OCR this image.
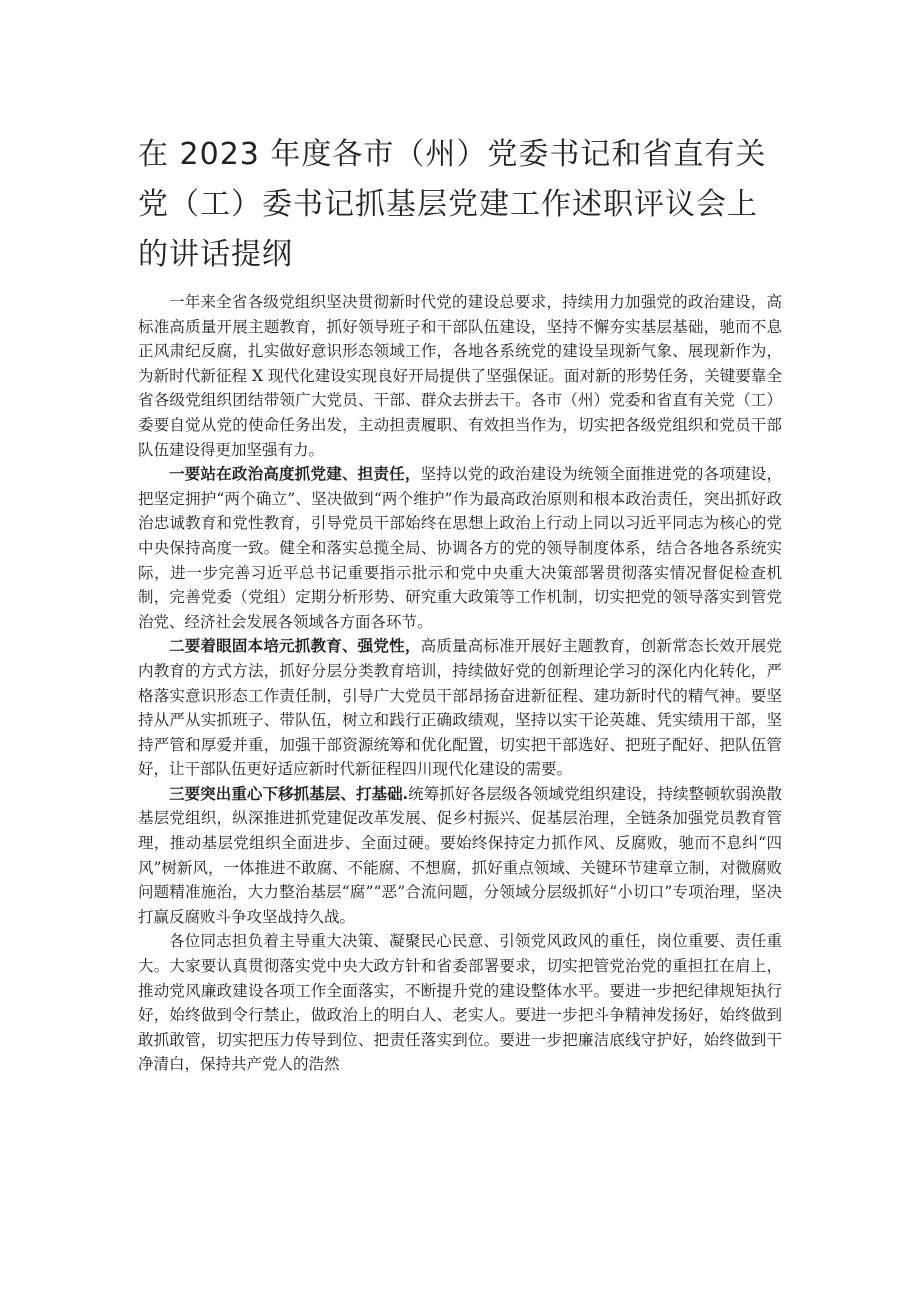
在 2023 年度各市（州）党委书记和省直有关党（工）委书记抓基层党建工作述职评议会上的讲话提纲

一年来全省各级党组织坚决贯彻新时代党的建设总要求，持续用力加强党的政治建设，高标准高质量开展主题教育，抓好领导班子和干部队伍建设，坚持不懈夯实基层基础，驰而不息正风肃纪反腐，扎实做好意识形态领域工作，各地各系统党的建设呈现新气象、展现新作为，为新时代新征程 X 现代化建设实现良好开局提供了坚强保证。面对新的形势任务，关键要靠全省各级党组织团结带领广大党员、干部、群众去拼去干。各市（州）党委和省直有关党（工）委要自觉从党的使命任务出发，主动担责履职、有效担当作为，切实把各级党组织和党员干部队伍建设得更加坚强有力。

一要站在政治高度抓党建、担责任，坚持以党的政治建设为统领全面推进党的各项建设，把坚定拥护“两个确立”、坚决做到“两个维护”作为最高政治原则和根本政治责任，突出抓好政治忠诚教育和党性教育，引导党员干部始终在思想上政治上行动上同以习近平同志为核心的党中央保持高度一致。健全和落实总揽全局、协调各方的党的领导制度体系，结合各地各系统实际，进一步完善习近平总书记重要指示批示和党中央重大决策部署贯彻落实情况督促检查机制，完善党委（党组）定期分析形势、研究重大政策等工作机制，切实把党的领导落实到管党治党、经济社会发展各领域各方面各环节。

二要着眼固本培元抓教育、强党性，高质量高标准开展好主题教育，创新常态长效开展党内教育的方式方法，抓好分层分类教育培训，持续做好党的创新理论学习的深化内化转化，严格落实意识形态工作责任制，引导广大党员干部昂扬奋进新征程、建功新时代的精气神。要坚持从严从实抓班子、带队伍，树立和践行正确政绩观，坚持以实干论英雄、凭实绩用干部，坚持严管和厚爱并重，加强干部资源统筹和优化配置，切实把干部选好、把班子配好、把队伍管好，让干部队伍更好适应新时代新征程四川现代化建设的需要。

三要突出重心下移抓基层、打基础.统筹抓好各层级各领域党组织建设，持续整顿软弱涣散基层党组织，纵深推进抓党建促改革发展、促乡村振兴、促基层治理，全链条加强党员教育管理，推动基层党组织全面进步、全面过硬。要始终保持定力抓作风、反腐败，驰而不息纠“四风”树新风，一体推进不敢腐、不能腐、不想腐，抓好重点领域、关键环节建章立制，对微腐败问题精准施治，大力整治基层“腐”“恶”合流问题，分领域分层级抓好“小切口”专项治理，坚决打赢反腐败斗争攻坚战持久战。

各位同志担负着主导重大决策、凝聚民心民意、引领党风政风的重任，岗位重要、责任重大。大家要认真贯彻落实党中央大政方针和省委部署要求，切实把管党治党的重担扛在肩上，推动党风廉政建设各项工作全面落实，不断提升党的建设整体水平。要进一步把纪律规矩执行好，始终做到令行禁止，做政治上的明白人、老实人。要进一步把斗争精神发扬好，始终做到敢抓敢管，切实把压力传导到位、把责任落实到位。要进一步把廉洁底线守护好，始终做到干净清白，保持共产党人的浩然
